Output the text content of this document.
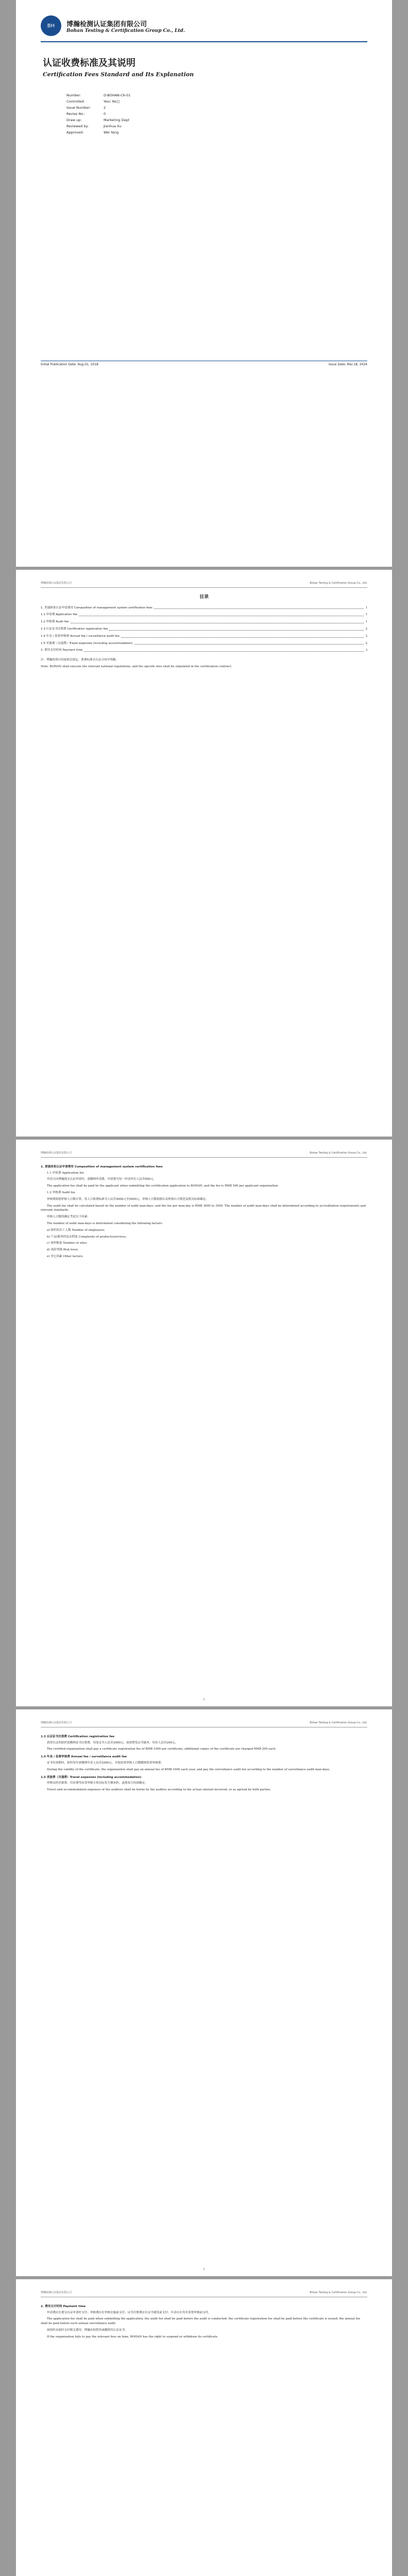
BH 博瀚检测认证集团有限公司
Bohan Testing & Certification Group Co., Ltd.
认证收费标准及其说明
Certification Fees Standard and Its Explanation
Number:	D-BOHAN-C6-01
Controlled:	Yes√ No□
Issue Number:	2
Revise No.:	0
Draw up:	Marketing Dept
Reviewed by:	Jianhua Xu
Approved:	Wei Yang
Initial Publication Date: Aug.01, 2018	Issue Date: Mar.18, 2024
博瀚检测认证集团有限公司	Bohan Testing & Certification Group Co., Ltd.
目录
1. 普通体系认证申请费用 Composition of management system certification fees	1
1.1 申请费 Application fee	1
1.2 审核费 Audit fee	1
1.3 认证证书注册费 Certification registration fee	2
1.4 年金 / 监督审核费 Annual fee / surveillance audit fee	2
1.5 差旅费（交通费）Travel expenses (including accommodation)	2
2. 费用支付时间 Payment time	3

注：博瀚将执行国家相关规定，收费标准在认证合同中明确。

Note: BOHAN shall execute the relevant national regulations, and the specific fees shall be stipulated in the certification contract.

博瀚检测认证集团有限公司	Bohan Testing & Certification Group Co., Ltd.

1. 普通体系认证申请费用 Composition of management system certification fees

1.1 申请费 Application fee

申请方向博瀚提交认证申请时，需缴纳申请费。申请费为每一申请单位人民币500元。

The application fee shall be paid by the applicant when submitting the certification application to BOHAN, and the fee is RMB 500 per applicant organization.

1.2 审核费 Audit fee

审核费依据审核人日数计算，每人日收费标准为人民币3000元至3500元。审核人日数依据认证机构认可规范及相关标准确定。

The audit fee shall be calculated based on the number of audit man-days, and the fee per man-day is RMB 3000 to 3500. The number of audit man-days shall be determined according to accreditation requirements and relevant standards.

审核人日数的确定考虑以下因素：

The number of audit man-days is determined considering the following factors:

a) 组织的员工人数 Number of employees;

b) 产品/服务的复杂程度 Complexity of products/services;

c) 场所数量 Number of sites;

d) 风险等级 Risk level;

e) 其它因素 Other factors.

1
博瀚检测认证集团有限公司	Bohan Testing & Certification Group Co., Ltd.

1.3 认证证书注册费 Certification registration fee

获得认证的组织需缴纳证书注册费，每张证书人民币1000元；如需增发证书副本，每份人民币200元。

The certified organization shall pay a certificate registration fee of RMB 1000 per certificate; additional copies of the certificate are charged RMB 200 each.

1.4 年金 / 监督审核费 Annual fee / surveillance audit fee

证书有效期内，组织每年需缴纳年金人民币1000元，并按监督审核人日数缴纳监督审核费。

During the validity of the certificate, the organization shall pay an annual fee of RMB 1000 each year, and pay the surveillance audit fee according to the number of surveillance audit man-days.

1.5 差旅费（交通费）Travel expenses (including accommodation)

审核员的差旅费、住宿费等由受审核方按实际发生额承担，或按双方协商确定。

Travel and accommodation expenses of the auditors shall be borne by the auditee according to the actual amount incurred, or as agreed by both parties.

2
博瀚检测认证集团有限公司	Bohan Testing & Certification Group Co., Ltd.

2. 费用支付时间 Payment time

申请费应在提交认证申请时支付；审核费应在审核实施前支付；证书注册费应在证书颁发前支付；年金应在每年监督审核前支付。

The application fee shall be paid when submitting the application; the audit fee shall be paid before the audit is conducted; the certificate registration fee shall be paid before the certificate is issued; the annual fee shall be paid before each annual surveillance audit.

如组织未按时支付相关费用，博瀚有权暂停或撤销其认证证书。

If the organization fails to pay the relevant fees on time, BOHAN has the right to suspend or withdraw its certificate.
